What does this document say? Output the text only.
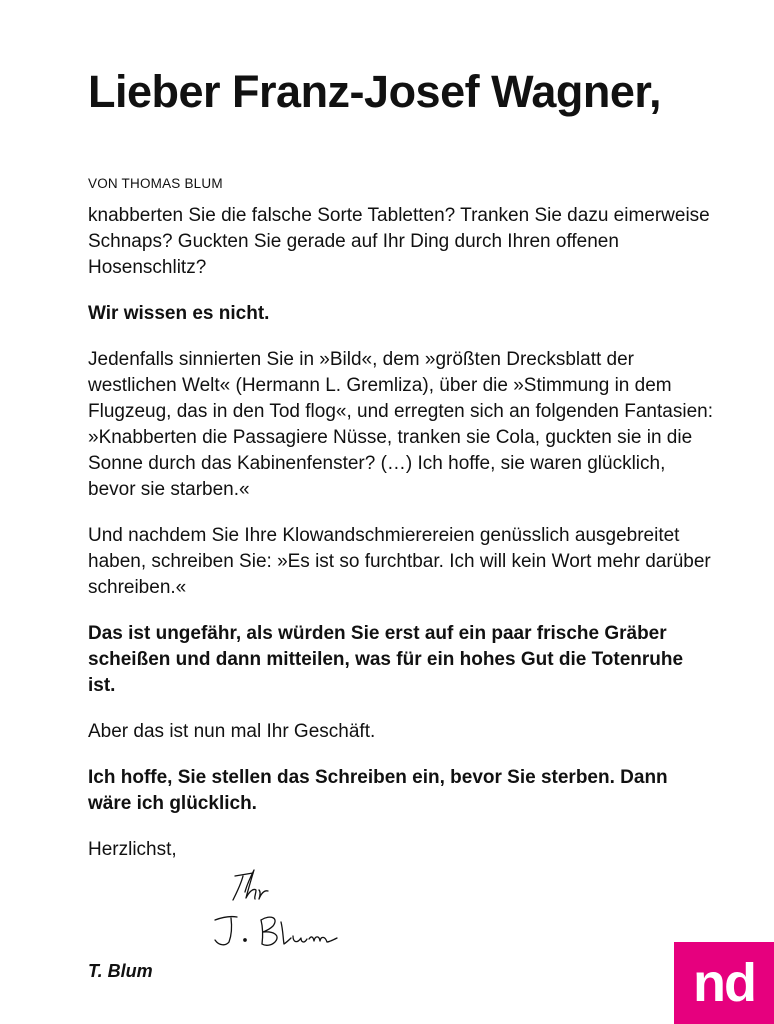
Lieber Franz-Josef Wagner,
VON THOMAS BLUM

knabberten Sie die falsche Sorte Tabletten? Tranken Sie dazu eimerweise Schnaps? Guckten Sie gerade auf Ihr Ding durch Ihren offenen Hosenschlitz?

Wir wissen es nicht.

Jedenfalls sinnierten Sie in »Bild«, dem »größten Drecksblatt der westlichen Welt« (Hermann L. Gremliza), über die »Stimmung in dem Flugzeug, das in den Tod flog«, und erregten sich an folgenden Fantasien: »Knabberten die Passagiere Nüsse, tranken sie Cola, guckten sie in die Sonne durch das Kabinenfenster? (…) Ich hoffe, sie waren glücklich, bevor sie starben.«

Und nachdem Sie Ihre Klowandschmierereien genüsslich ausgebreitet haben, schreiben Sie: »Es ist so furchtbar. Ich will kein Wort mehr darüber schreiben.«

Das ist ungefähr, als würden Sie erst auf ein paar frische Gräber scheißen und dann mitteilen, was für ein hohes Gut die Totenruhe ist.

Aber das ist nun mal Ihr Geschäft.

Ich hoffe, Sie stellen das Schreiben ein, bevor Sie sterben. Dann wäre ich glücklich.

Herzlichst,

T. Blum	nd
